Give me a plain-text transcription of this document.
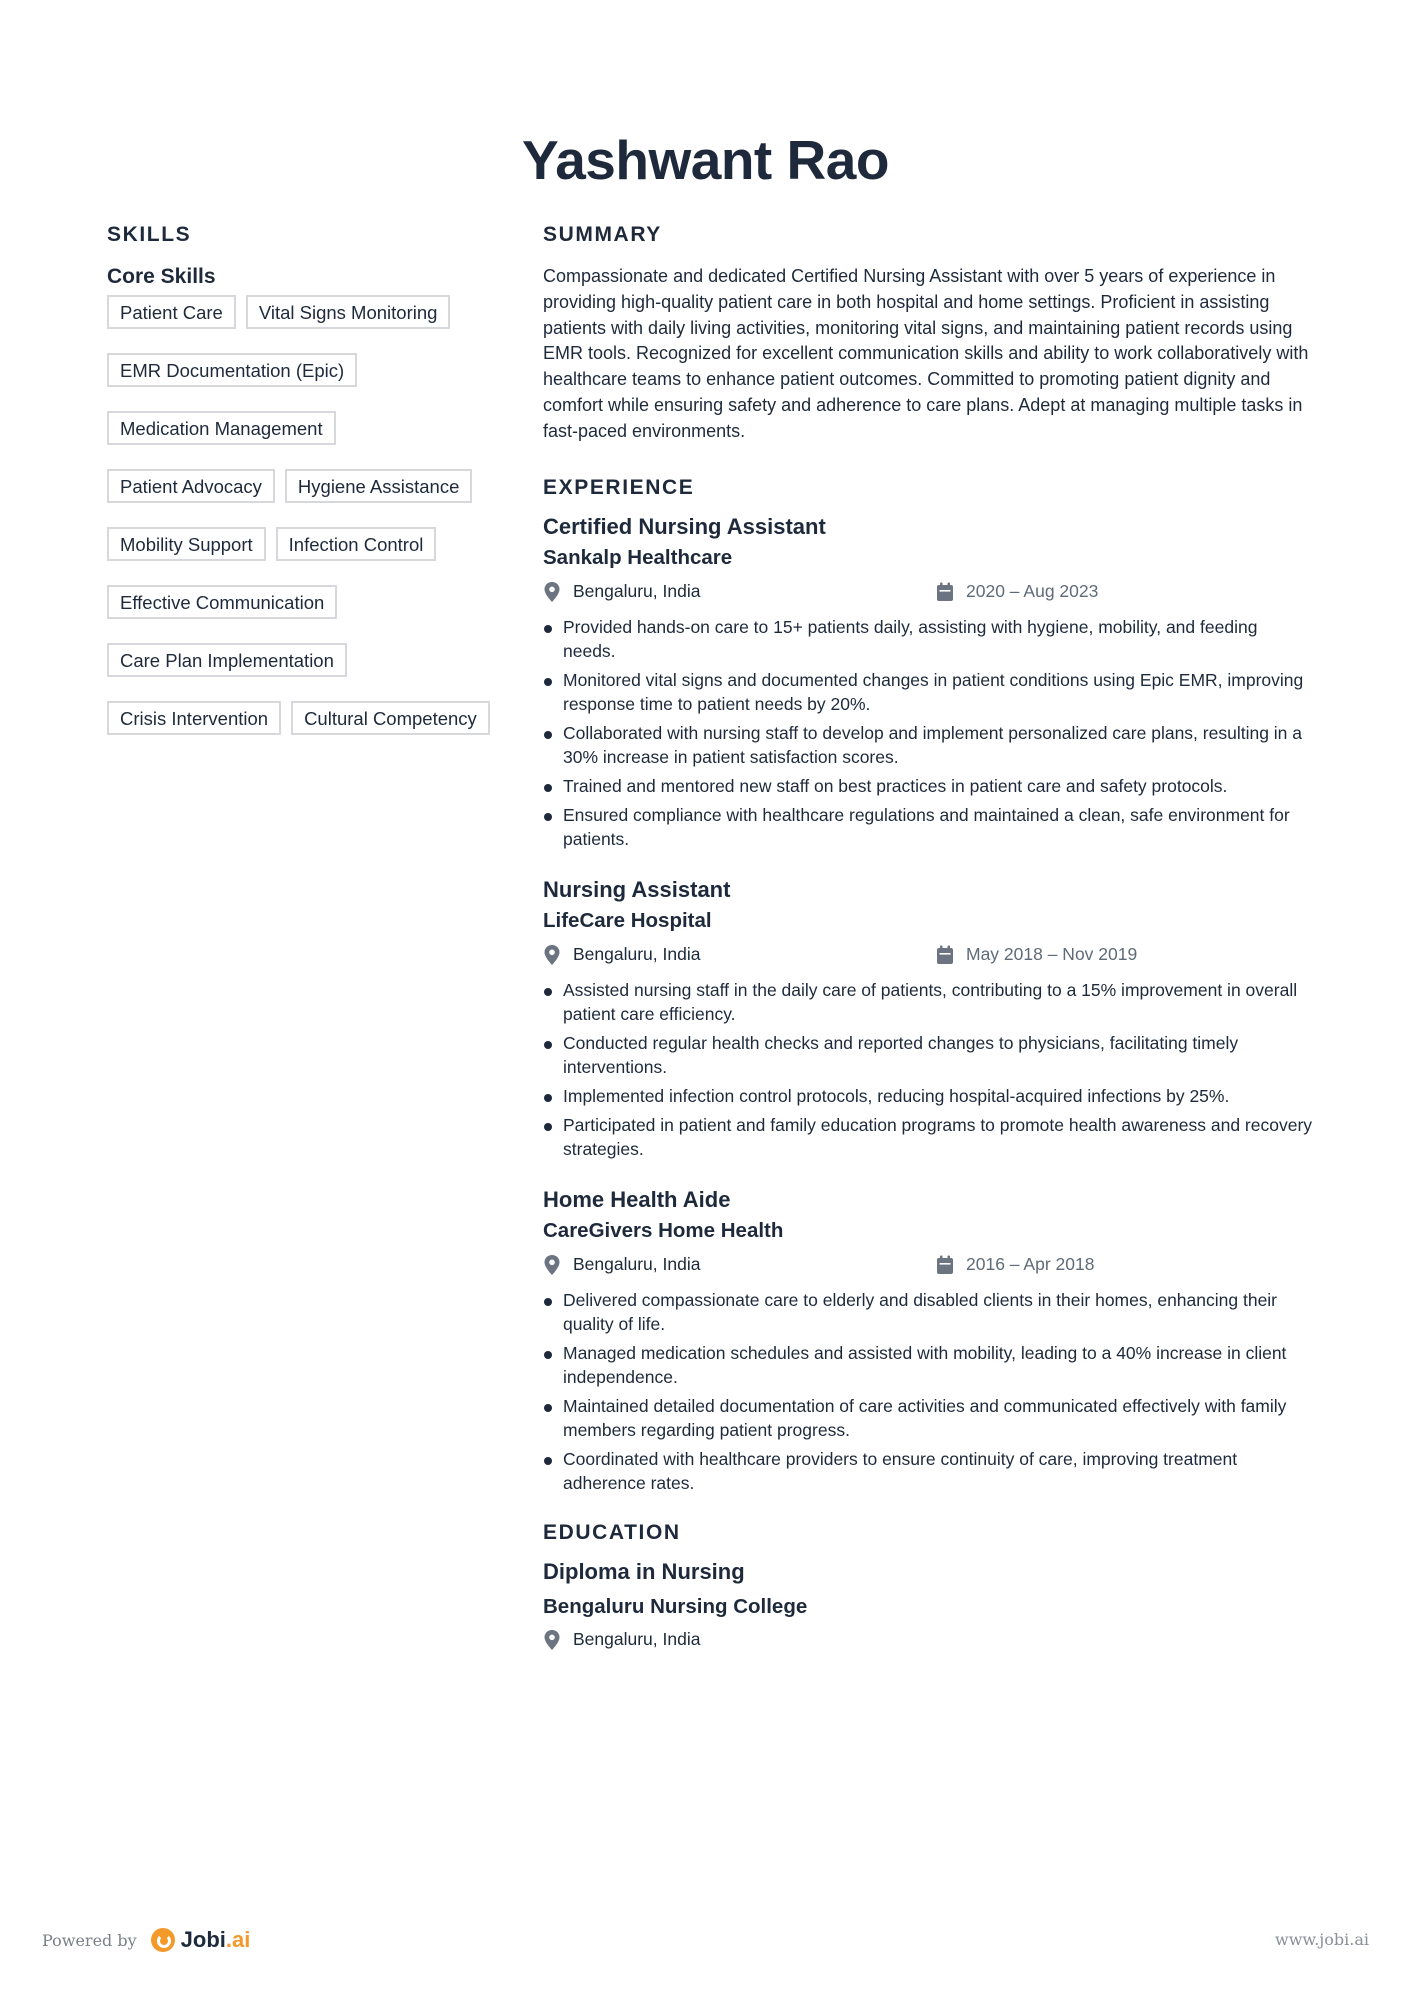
Yashwant Rao
SKILLS
Core Skills
Patient Care	Vital Signs Monitoring
EMR Documentation (Epic)
Medication Management
Patient Advocacy	Hygiene Assistance
Mobility Support	Infection Control
Effective Communication
Care Plan Implementation
Crisis Intervention	Cultural Competency
SUMMARY

Compassionate and dedicated Certified Nursing Assistant with over 5 years of experience in providing high-quality patient care in both hospital and home settings. Proficient in assisting patients with daily living activities, monitoring vital signs, and maintaining patient records using EMR tools. Recognized for excellent communication skills and ability to work collaboratively with healthcare teams to enhance patient outcomes. Committed to promoting patient dignity and comfort while ensuring safety and adherence to care plans. Adept at managing multiple tasks in fast-paced environments.

EXPERIENCE
Certified Nursing Assistant
Sankalp Healthcare
Bengaluru, India	2020 – Aug 2023
Provided hands-on care to 15+ patients daily, assisting with hygiene, mobility, and feeding needs.
Monitored vital signs and documented changes in patient conditions using Epic EMR, improving response time to patient needs by 20%.
Collaborated with nursing staff to develop and implement personalized care plans, resulting in a 30% increase in patient satisfaction scores.
Trained and mentored new staff on best practices in patient care and safety protocols.
Ensured compliance with healthcare regulations and maintained a clean, safe environment for patients.
Nursing Assistant
LifeCare Hospital
Bengaluru, India	May 2018 – Nov 2019
Assisted nursing staff in the daily care of patients, contributing to a 15% improvement in overall patient care efficiency.
Conducted regular health checks and reported changes to physicians, facilitating timely interventions.
Implemented infection control protocols, reducing hospital-acquired infections by 25%.
Participated in patient and family education programs to promote health awareness and recovery strategies.
Home Health Aide
CareGivers Home Health
Bengaluru, India	2016 – Apr 2018
Delivered compassionate care to elderly and disabled clients in their homes, enhancing their quality of life.
Managed medication schedules and assisted with mobility, leading to a 40% increase in client independence.
Maintained detailed documentation of care activities and communicated effectively with family members regarding patient progress.
Coordinated with healthcare providers to ensure continuity of care, improving treatment adherence rates.
EDUCATION
Diploma in Nursing
Bengaluru Nursing College
Bengaluru, India
Powered by Jobi.ai	www.jobi.ai
